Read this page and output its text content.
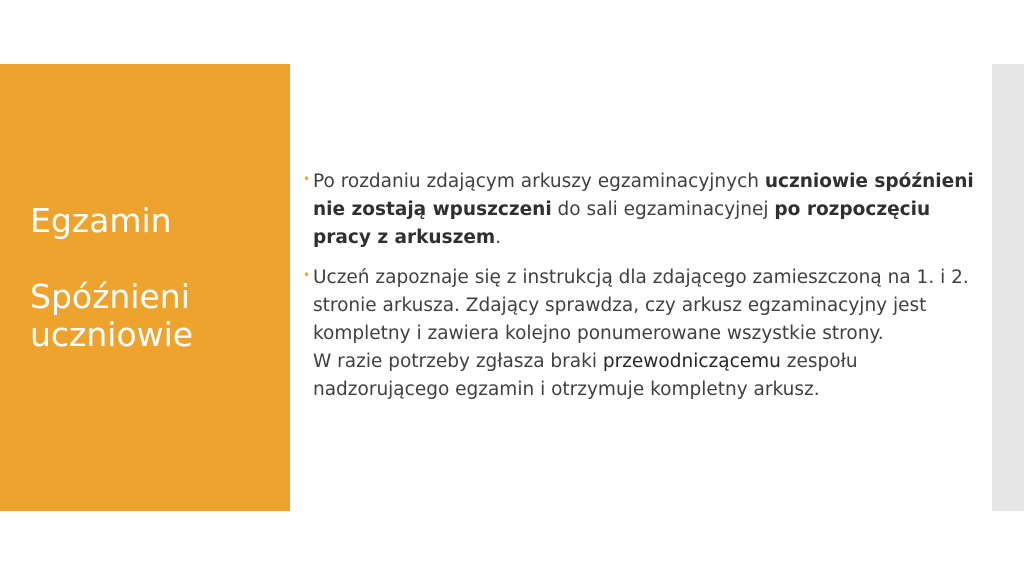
Egzamin
Spóźnieni
uczniowie
• Po rozdaniu zdającym arkuszy egzaminacyjnych uczniowie spóźnieni nie zostają wpuszczeni do sali egzaminacyjnej po rozpoczęciu pracy z arkuszem.
• Uczeń zapoznaje się z instrukcją dla zdającego zamieszczoną na 1. i 2. stronie arkusza. Zdający sprawdza, czy arkusz egzaminacyjny jest kompletny i zawiera kolejno ponumerowane wszystkie strony.
W razie potrzeby zgłasza braki przewodniczącemu zespołu nadzorującego egzamin i otrzymuje kompletny arkusz.
